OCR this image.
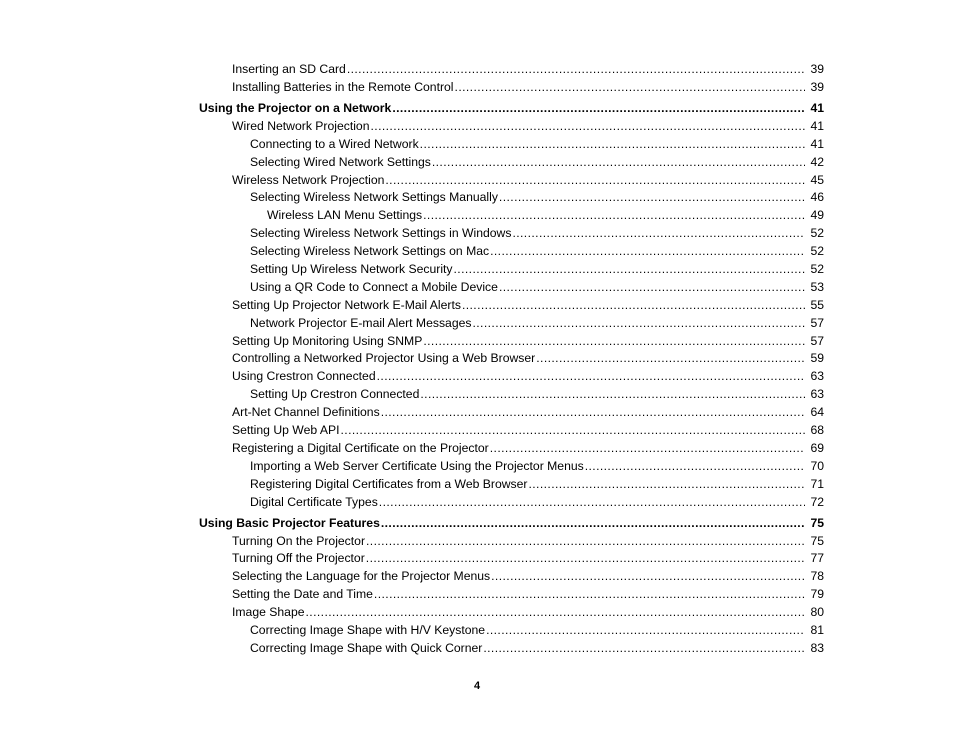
Inserting an SD Card .....	39
Installing Batteries in the Remote Control .....	39
Using the Projector on a Network .....	41
Wired Network Projection .....	41
Connecting to a Wired Network .....	41
Selecting Wired Network Settings .....	42
Wireless Network Projection .....	45
Selecting Wireless Network Settings Manually .....	46
Wireless LAN Menu Settings .....	49
Selecting Wireless Network Settings in Windows .....	52
Selecting Wireless Network Settings on Mac .....	52
Setting Up Wireless Network Security .....	52
Using a QR Code to Connect a Mobile Device .....	53
Setting Up Projector Network E-Mail Alerts .....	55
Network Projector E-mail Alert Messages .....	57
Setting Up Monitoring Using SNMP .....	57
Controlling a Networked Projector Using a Web Browser .....	59
Using Crestron Connected .....	63
Setting Up Crestron Connected .....	63
Art-Net Channel Definitions .....	64
Setting Up Web API .....	68
Registering a Digital Certificate on the Projector .....	69
Importing a Web Server Certificate Using the Projector Menus .....	70
Registering Digital Certificates from a Web Browser .....	71
Digital Certificate Types .....	72
Using Basic Projector Features .....	75
Turning On the Projector .....	75
Turning Off the Projector .....	77
Selecting the Language for the Projector Menus .....	78
Setting the Date and Time .....	79
Image Shape .....	80
Correcting Image Shape with H/V Keystone .....	81
Correcting Image Shape with Quick Corner .....	83
4
